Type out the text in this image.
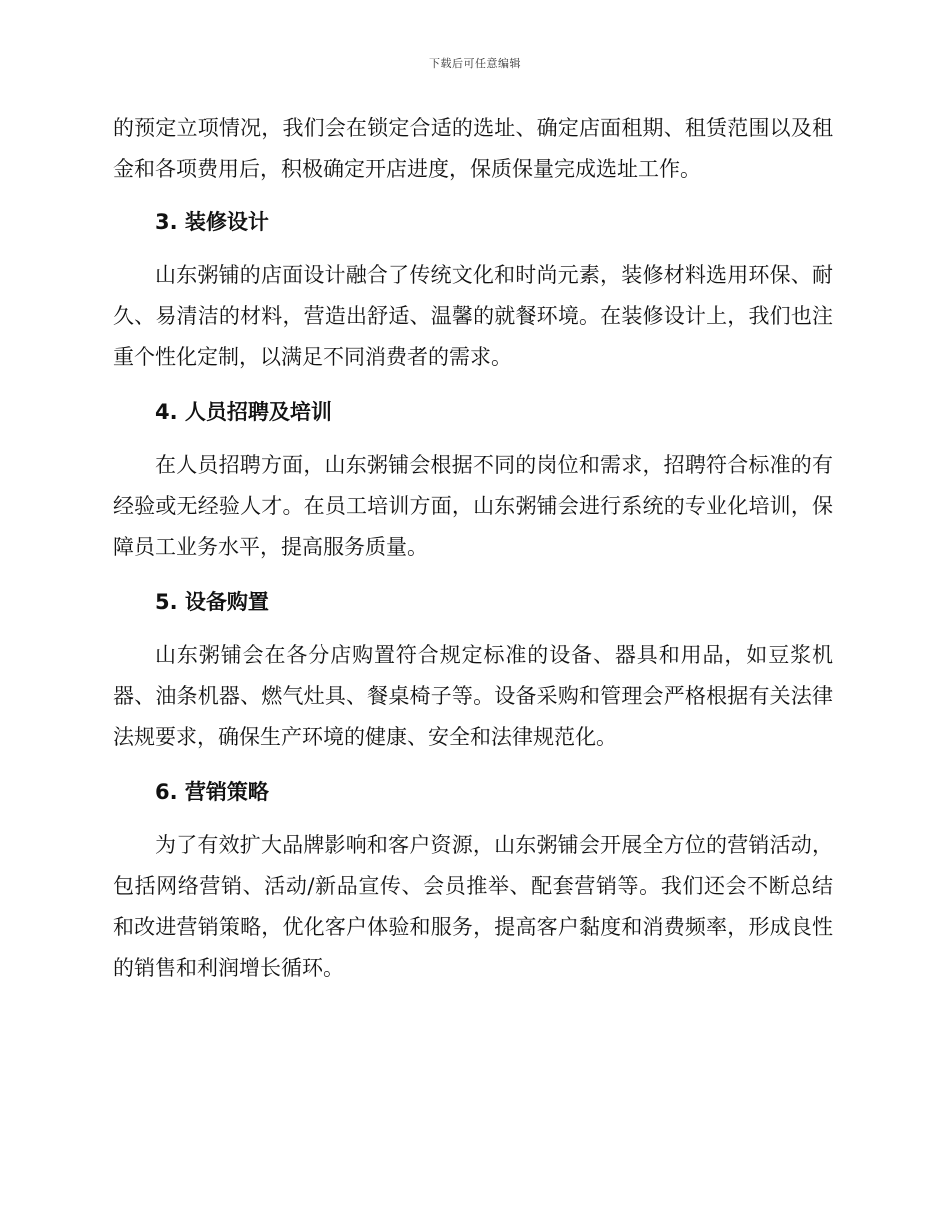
下载后可任意编辑

的预定立项情况，我们会在锁定合适的选址、确定店面租期、租赁范围以及租金和各项费用后，积极确定开店进度，保质保量完成选址工作。

3. 装修设计

山东粥铺的店面设计融合了传统文化和时尚元素，装修材料选用环保、耐久、易清洁的材料，营造出舒适、温馨的就餐环境。在装修设计上，我们也注重个性化定制，以满足不同消费者的需求。

4. 人员招聘及培训

在人员招聘方面，山东粥铺会根据不同的岗位和需求，招聘符合标准的有经验或无经验人才。在员工培训方面，山东粥铺会进行系统的专业化培训，保障员工业务水平，提高服务质量。

5. 设备购置

山东粥铺会在各分店购置符合规定标准的设备、器具和用品，如豆浆机器、油条机器、燃气灶具、餐桌椅子等。设备采购和管理会严格根据有关法律法规要求，确保生产环境的健康、安全和法律规范化。

6. 营销策略

为了有效扩大品牌影响和客户资源，山东粥铺会开展全方位的营销活动，包括网络营销、活动/新品宣传、会员推举、配套营销等。我们还会不断总结和改进营销策略，优化客户体验和服务，提高客户黏度和消费频率，形成良性的销售和利润增长循环。
